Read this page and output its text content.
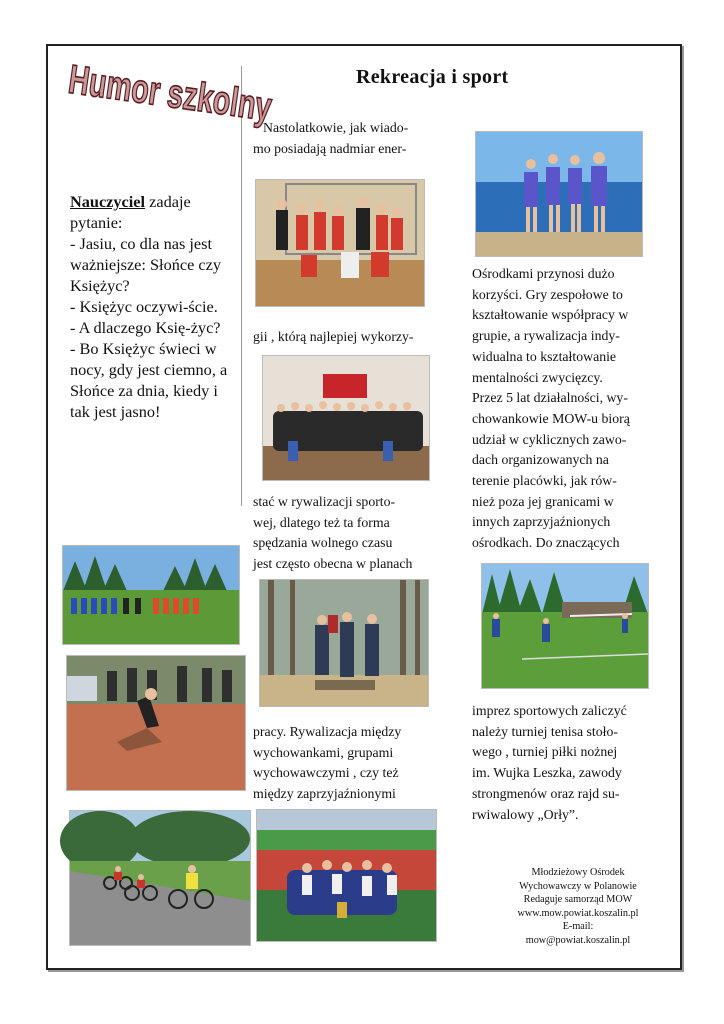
Humor szkolny	Rekreacja i sport

Nauczyciel zadaje pytanie:

- Jasiu, co dla nas jest ważniejsze: Słońce czy Księżyc?

- Księżyc oczywi-ście.

- A dlaczego Księ-życ?

- Bo Księżyc świeci w nocy, gdy jest ciemno, a Słońce za dnia, kiedy i tak jest jasno!

Nastolatkowie, jak wiado-

mo posiadają nadmiar ener-

gii , którą najlepiej wykorzy-

stać w rywalizacji sporto-

wej, dlatego też ta forma

spędzania wolnego czasu

jest często obecna w planach

pracy. Rywalizacja między

wychowankami, grupami

wychowawczymi , czy też

między zaprzyjaźnionymi

Ośrodkami przynosi dużo

korzyści. Gry zespołowe to

kształtowanie współpracy w

grupie, a rywalizacja indy-

widualna to kształtowanie

mentalności zwycięzcy.

Przez 5 lat działalności, wy-

chowankowie MOW-u biorą

udział w cyklicznych zawo-

dach organizowanych na

terenie placówki, jak rów-

nież poza jej granicami w

innych zaprzyjaźnionych

ośrodkach. Do znaczących

imprez sportowych zaliczyć

należy turniej tenisa stoło-

wego , turniej piłki nożnej

im. Wujka Leszka, zawody

strongmenów oraz rajd su-

rwiwalowy „Orły”.

Młodzieżowy Ośrodek

Wychowawczy w Polanowie

Redaguje samorząd MOW

www.mow.powiat.koszalin.pl

E-mail:

mow@powiat.koszalin.pl
